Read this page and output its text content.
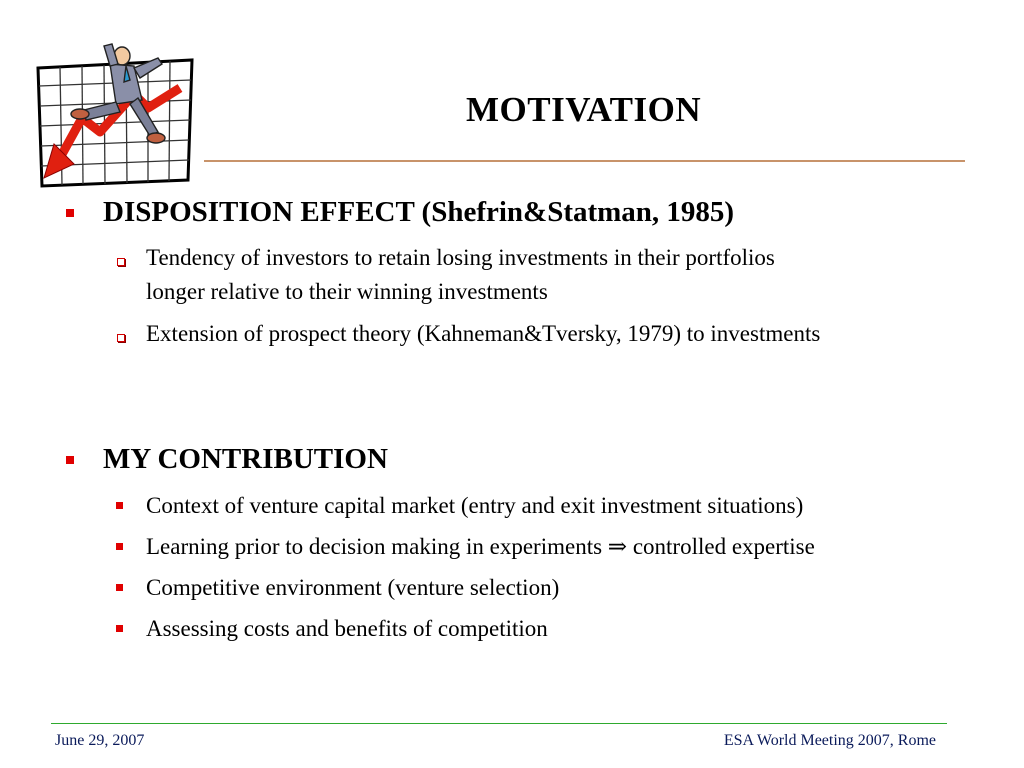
MOTIVATION
DISPOSITION EFFECT (Shefrin&Statman, 1985)
Tendency of investors to retain losing investments in their portfolios
longer relative to their winning investments
Extension of prospect theory (Kahneman&Tversky, 1979) to investments
MY CONTRIBUTION
Context of venture capital market (entry and exit investment situations)
Learning prior to decision making in experiments ⇒ controlled expertise
Competitive environment (venture selection)
Assessing costs and benefits of competition
June 29, 2007	ESA World Meeting 2007, Rome
